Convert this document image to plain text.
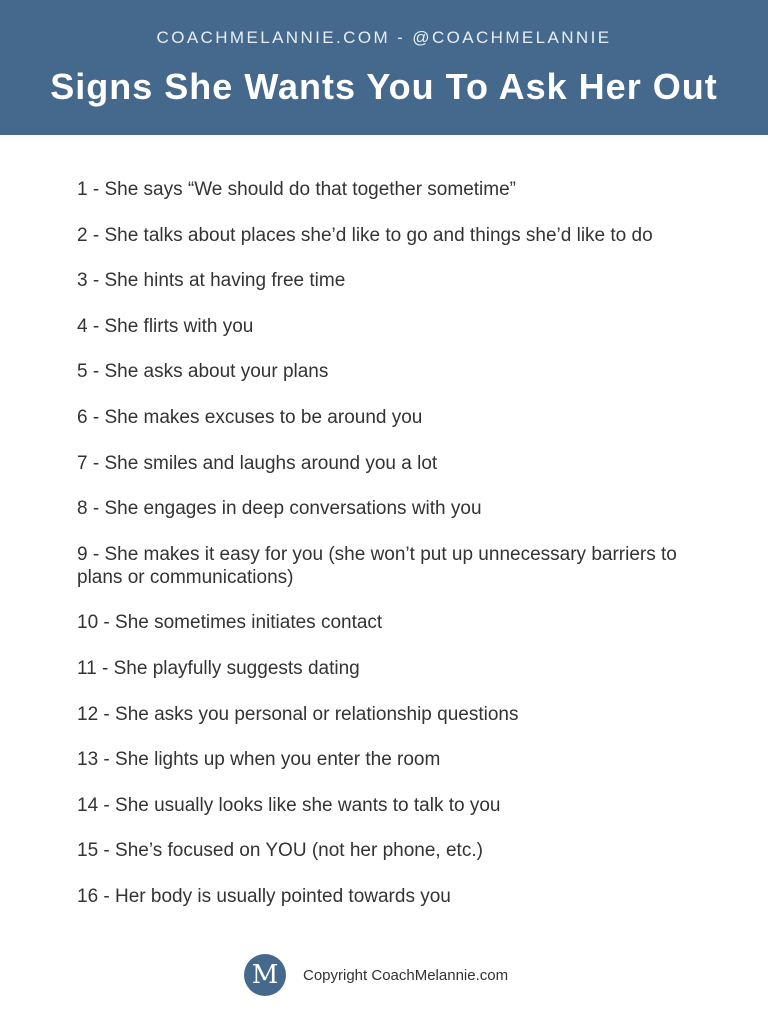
COACHMELANNIE.COM - @COACHMELANNIE
Signs She Wants You To Ask Her Out
1 - She says “We should do that together sometime”
2 - She talks about places she’d like to go and things she’d like to do
3 - She hints at having free time
4 - She flirts with you
5 - She asks about your plans
6 - She makes excuses to be around you
7 - She smiles and laughs around you a lot
8 - She engages in deep conversations with you
9 - She makes it easy for you (she won’t put up unnecessary barriers to plans or communications)
10 - She sometimes initiates contact
11 - She playfully suggests dating
12 - She asks you personal or relationship questions
13 - She lights up when you enter the room
14 - She usually looks like she wants to talk to you
15 - She’s focused on YOU (not her phone, etc.)
16 - Her body is usually pointed towards you
M	Copyright CoachMelannie.com
